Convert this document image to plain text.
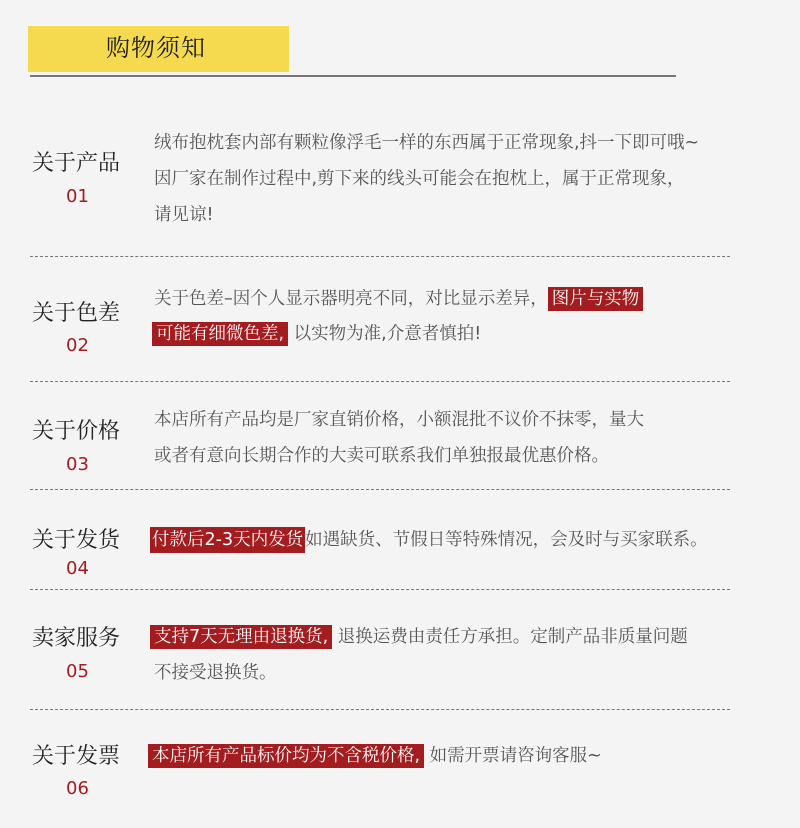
购物须知
关于产品
01
绒布抱枕套内部有颗粒像浮毛一样的东西属于正常现象,抖一下即可哦~
因厂家在制作过程中,剪下来的线头可能会在抱枕上，属于正常现象，
请见谅!
关于色差
02
关于色差–因个人显示器明亮不同，对比显示差异， 图片与实物
可能有细微色差, 以实物为准,介意者慎拍!
关于价格
03
本店所有产品均是厂家直销价格，小额混批不议价不抹零，量大
或者有意向长期合作的大卖可联系我们单独报最优惠价格。
关于发货
04
付款后2-3天内发货 如遇缺货、节假日等特殊情况，会及时与买家联系。
卖家服务
05
支持7天无理由退换货, 退换运费由责任方承担。定制产品非质量问题
不接受退换货。
关于发票
06
本店所有产品标价均为不含税价格, 如需开票请咨询客服~
